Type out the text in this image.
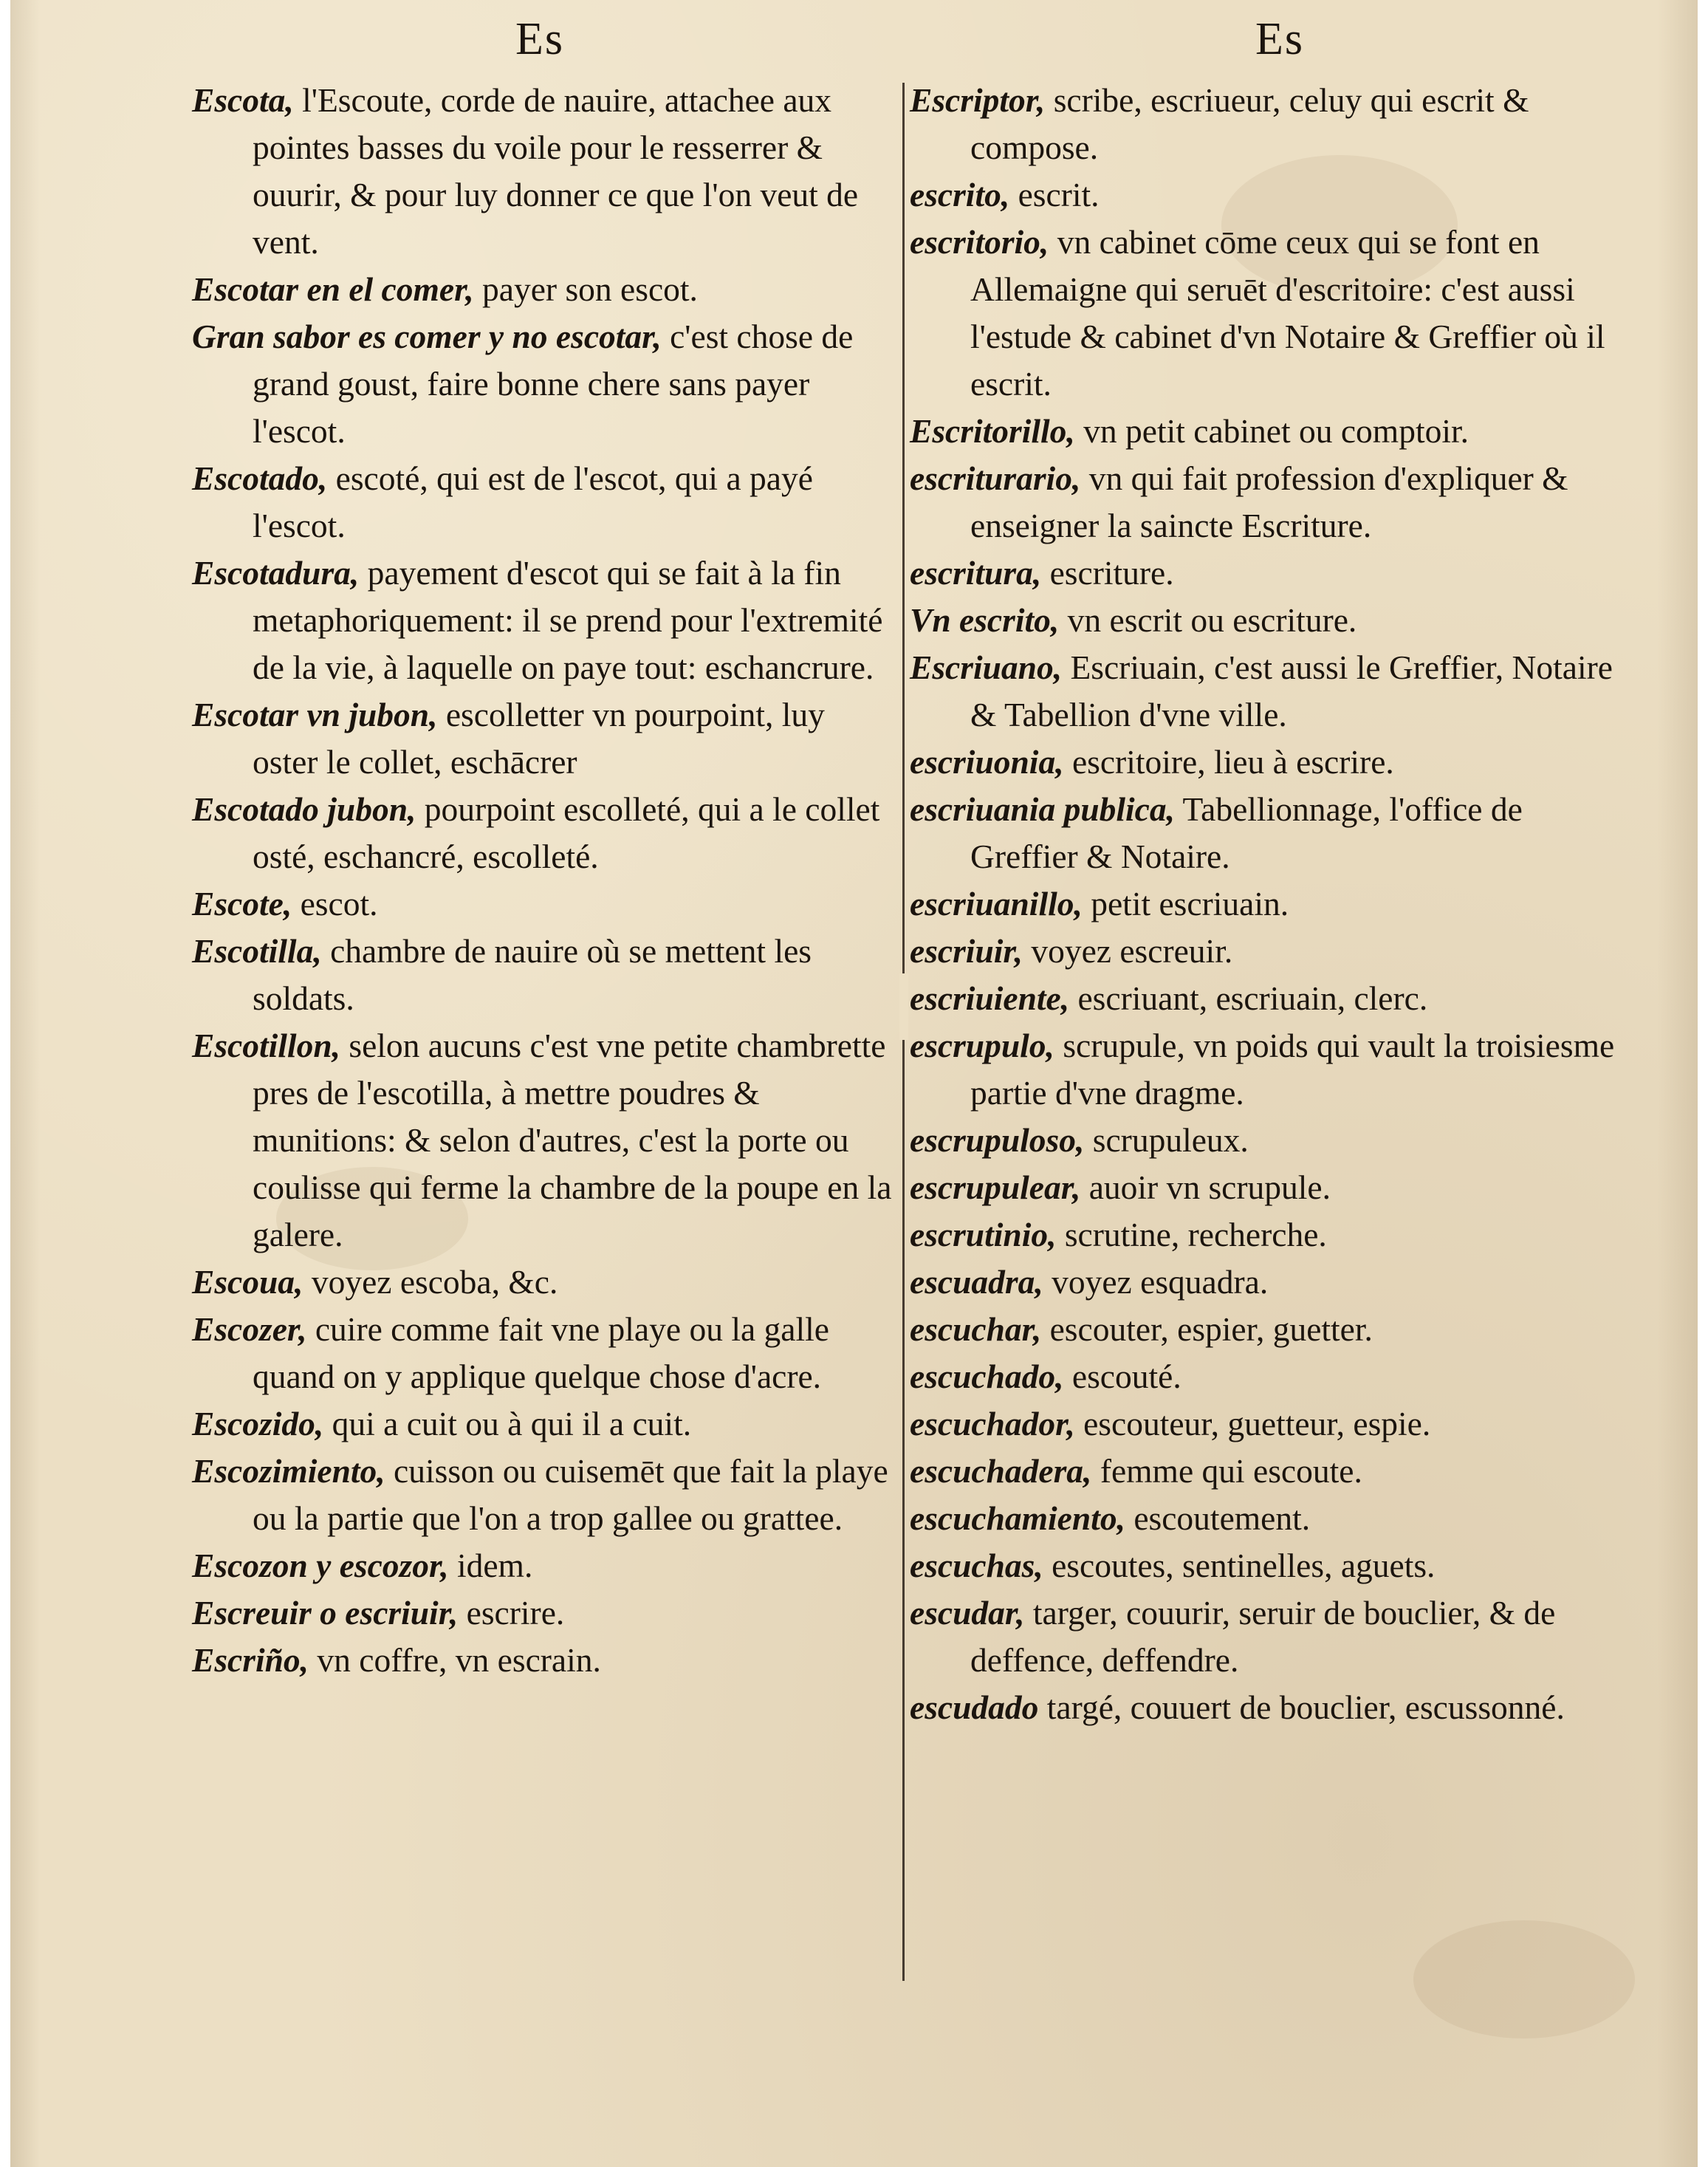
Es	Es
Escota, l'Escoute, corde de nauire, attachee aux pointes basses du voile pour le resserrer & ouurir, & pour luy donner ce que l'on veut de vent.
Escotar en el comer, payer son escot.
Gran sabor es comer y no escotar, c'est chose de grand goust, faire bonne chere sans payer l'escot.
Escotado, escoté, qui est de l'escot, qui a payé l'escot.
Escotadura, payement d'escot qui se fait à la fin metaphoriquement: il se prend pour l'extremité de la vie, à laquelle on paye tout: eschancrure.
Escotar vn jubon, escolletter vn pourpoint, luy oster le collet, eschācrer
Escotado jubon, pourpoint escolleté, qui a le collet osté, eschancré, escolleté.
Escote, escot.
Escotilla, chambre de nauire où se mettent les soldats.
Escotillon, selon aucuns c'est vne petite chambrette pres de l'escotilla, à mettre poudres & munitions: & selon d'autres, c'est la porte ou coulisse qui ferme la chambre de la poupe en la galere.
Escoua, voyez escoba, &c.
Escozer, cuire comme fait vne playe ou la galle quand on y applique quelque chose d'acre.
Escozido, qui a cuit ou à qui il a cuit.
Escozimiento, cuisson ou cuisemēt que fait la playe ou la partie que l'on a trop gallee ou grattee.
Escozon y escozor, idem.
Escreuir o escriuir, escrire.
Escriño, vn coffre, vn escrain.
Escriptor, scribe, escriueur, celuy qui escrit & compose.
escrito, escrit.
escritorio, vn cabinet cōme ceux qui se font en Allemaigne qui seruēt d'escritoire: c'est aussi l'estude & cabinet d'vn Notaire & Greffier où il escrit.
Escritorillo, vn petit cabinet ou comptoir.
escriturario, vn qui fait profession d'expliquer & enseigner la saincte Escriture.
escritura, escriture.
Vn escrito, vn escrit ou escriture.
Escriuano, Escriuain, c'est aussi le Greffier, Notaire & Tabellion d'vne ville.
escriuonia, escritoire, lieu à escrire.
escriuania publica, Tabellionnage, l'office de Greffier & Notaire.
escriuanillo, petit escriuain.
escriuir, voyez escreuir.
escriuiente, escriuant, escriuain, clerc.
escrupulo, scrupule, vn poids qui vault la troisiesme partie d'vne dragme.
escrupuloso, scrupuleux.
escrupulear, auoir vn scrupule.
escrutinio, scrutine, recherche.
escuadra, voyez esquadra.
escuchar, escouter, espier, guetter.
escuchado, escouté.
escuchador, escouteur, guetteur, espie.
escuchadera, femme qui escoute.
escuchamiento, escoutement.
escuchas, escoutes, sentinelles, aguets.
escudar, targer, couurir, seruir de bouclier, & de deffence, deffendre.
escudado targé, couuert de bouclier, escussonné.
